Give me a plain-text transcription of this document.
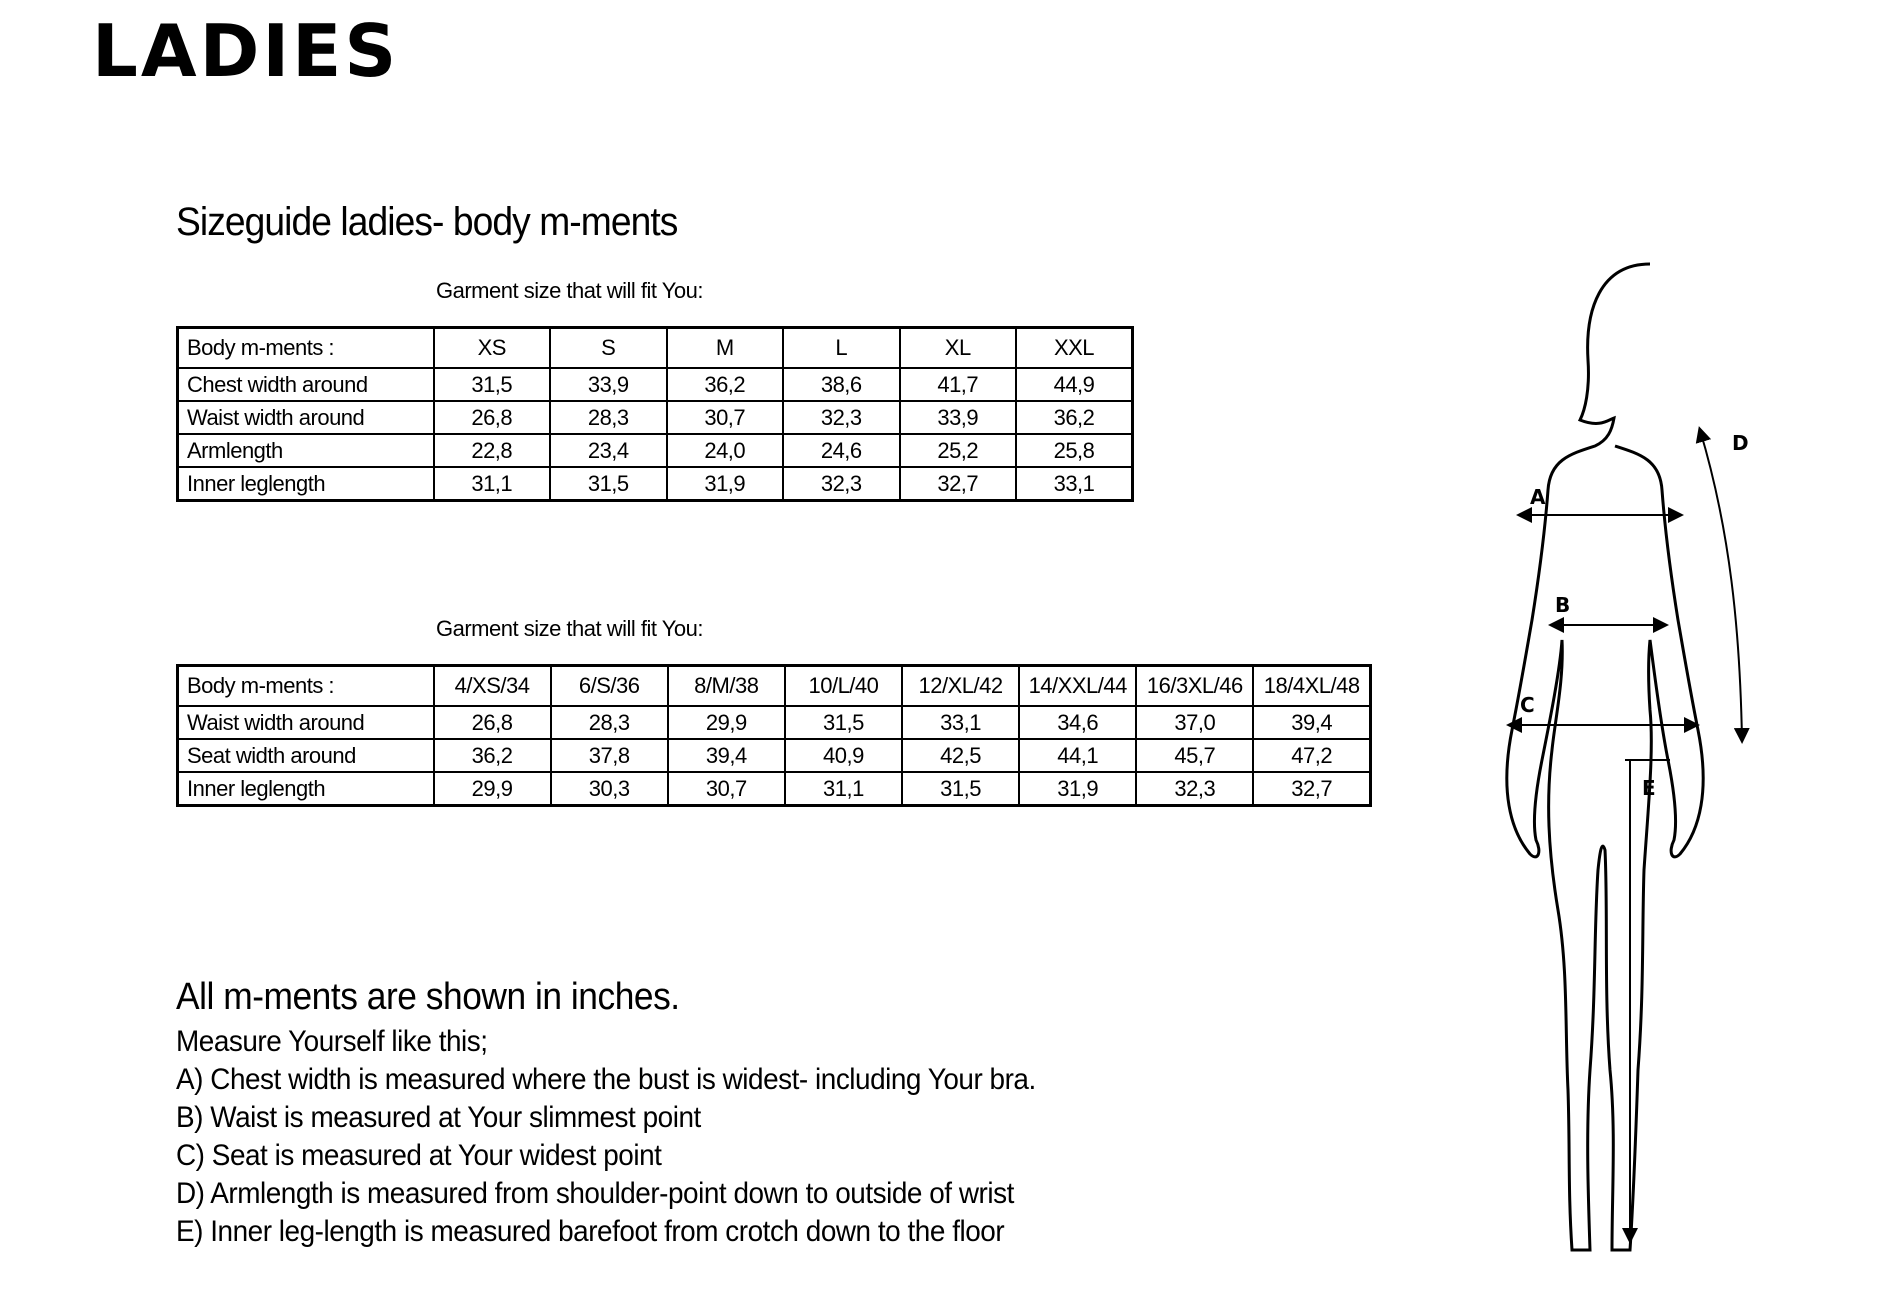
LADIES
Sizeguide ladies- body m-ments
Garment size that will fit You:
Body m-ments :	XS	S	M	L	XL	XXL
Chest width around	31,5	33,9	36,2	38,6	41,7	44,9
Waist width around	26,8	28,3	30,7	32,3	33,9	36,2
Armlength	22,8	23,4	24,0	24,6	25,2	25,8
Inner leglength	31,1	31,5	31,9	32,3	32,7	33,1
Garment size that will fit You:
Body m-ments :	4/XS/34	6/S/36	8/M/38	10/L/40	12/XL/42	14/XXL/44	16/3XL/46	18/4XL/48
Waist width around	26,8	28,3	29,9	31,5	33,1	34,6	37,0	39,4
Seat width around	36,2	37,8	39,4	40,9	42,5	44,1	45,7	47,2
Inner leglength	29,9	30,3	30,7	31,1	31,5	31,9	32,3	32,7
All m-ments are shown in inches.
Measure Yourself like this;
A) Chest width is measured where the bust is widest- including Your bra.
B) Waist is measured at Your slimmest point
C) Seat is measured at Your widest point
D) Armlength is measured from shoulder-point down to outside of wrist
E) Inner leg-length is measured barefoot from crotch down to the floor
A
B
C
D
E
